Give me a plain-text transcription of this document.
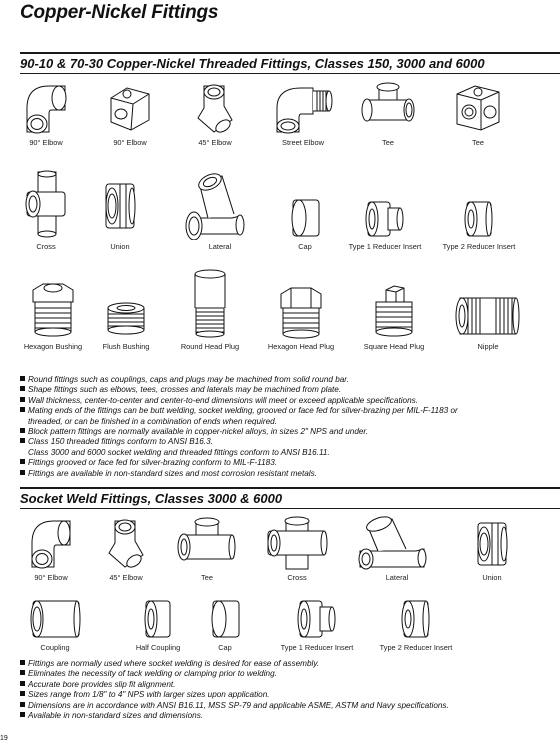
Copper-Nickel Fittings
90-10 & 70-30 Copper-Nickel Threaded Fittings, Classes 150, 3000 and 6000
90° Elbow	90° Elbow	45° Elbow	Street Elbow	Tee	Tee
Cross	Union	Lateral	Cap	Type 1 Reducer Insert	Type 2 Reducer Insert
Hexagon Bushing	Flush Bushing	Round Head Plug	Hexagon Head Plug	Square Head Plug	Nipple
Round fittings such as couplings, caps and plugs may be machined from solid round bar.
Shape fittings such as elbows, tees, crosses and laterals may be machined from plate.
Wall thickness, center-to-center and center-to-end dimensions will meet or exceed applicable specifications.
Mating ends of the fittings can be butt welding, socket welding, grooved or face fed for silver-brazing per MIL-F-1183 or
threaded, or can be finished in a combination of ends when required.
Block pattern fittings are normally available in copper-nickel alloys, in sizes 2" NPS and under.
Class 150 threaded fittings conform to ANSI B16.3.
Class 3000 and 6000 socket welding and threaded fittings conform to ANSI B16.11.
Fittings grooved or face fed for silver-brazing conform to MIL-F-1183.
Fittings are available in non-standard sizes and most corrosion resistant metals.
Socket Weld Fittings, Classes 3000 & 6000
90° Elbow	45° Elbow	Tee	Cross	Lateral	Union
Coupling	Half Coupling	Cap	Type 1 Reducer Insert	Type 2 Reducer Insert
Fittings are normally used where socket welding is desired for ease of assembly.
Eliminates the necessity of tack welding or clamping prior to welding.
Accurate bore provides slip fit alignment.
Sizes range from 1/8" to 4" NPS with larger sizes upon application.
Dimensions are in accordance with ANSI B16.11, MSS SP-79 and applicable ASME, ASTM and Navy specifications.
Available in non-standard sizes and dimensions.
19
